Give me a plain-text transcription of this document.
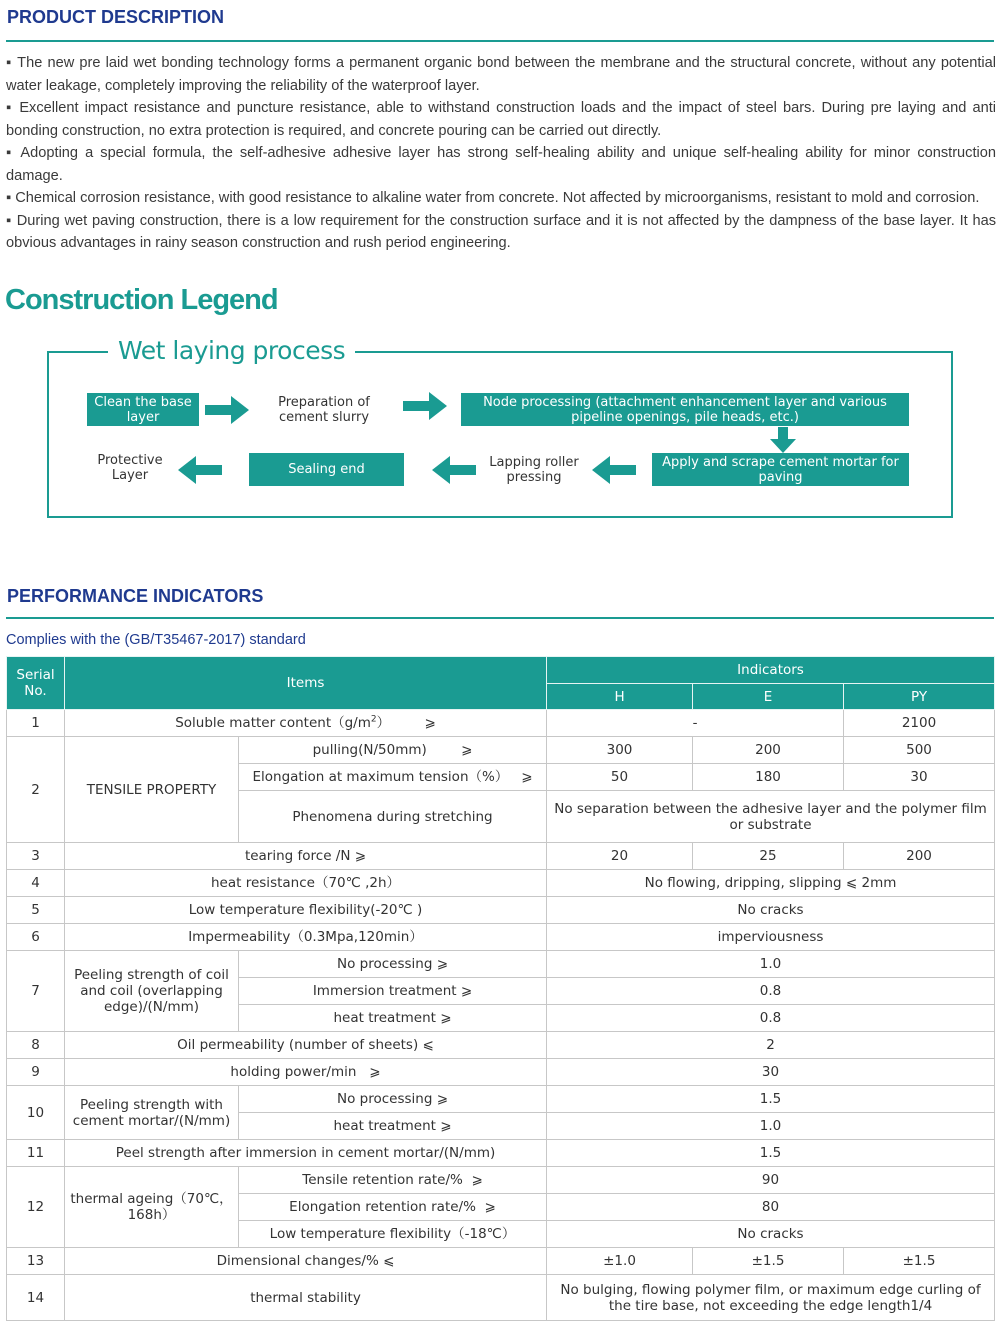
PRODUCT DESCRIPTION

▪ The new pre laid wet bonding technology forms a permanent organic bond between the membrane and the structural concrete, without any potential water leakage, completely improving the reliability of the waterproof layer.

▪ Excellent impact resistance and puncture resistance, able to withstand construction loads and the impact of steel bars. During pre laying and anti bonding construction, no extra protection is required, and concrete pouring can be carried out directly.

▪ Adopting a special formula, the self-adhesive adhesive layer has strong self-healing ability and unique self-healing ability for minor construction damage.

▪ Chemical corrosion resistance, with good resistance to alkaline water from concrete. Not affected by microorganisms, resistant to mold and corrosion.

▪ During wet paving construction, there is a low requirement for the construction surface and it is not affected by the dampness of the base layer. It has obvious advantages in rainy season construction and rush period engineering.

Construction Legend
Wet laying process
Clean the base layer
Preparation of cement slurry
Node processing (attachment enhancement layer and various pipeline openings, pile heads, etc.)
Apply and scrape cement mortar for paving
Lapping roller pressing
Sealing end
Protective Layer
PERFORMANCE INDICATORS
Complies with the (GB/T35467-2017) standard
Serial No.	Items		Indicators		
			H	E	PY
1	Soluble matter $content(g/m^2)$        ⩾		-		2100
2	TENSILE PROPERTY	pulling(N/50mm)        ⩾	300	200	500
		Elongation at maximum tension（%）   ⩾	50	180	30
		Phenomena during stretching	No separation between the adhesive layer and the polymer film or substrate		
3	tearing force /N ⩾		20	25	200
4	heat resistance（70℃ ,2h）		No flowing, dripping, slipping ⩽ 2mm		
5	Low temperature flexibility(-20℃ )		No cracks		
6	Impermeability（0.3Mpa,120min）		imperviousness		
7	Peeling strength of coil and coil (overlapping edge)/(N/mm)	No processing ⩾	1.0		
		Immersion treatment ⩾	0.8		
		heat treatment ⩾	0.8		
8	Oil permeability (number of sheets) ⩽		2		
9	holding power/min   ⩾		30		
10	Peeling strength with cement mortar/(N/mm)	No processing ⩾	1.5		
		heat treatment ⩾	1.0		
11	Peel strength after immersion in cement mortar/(N/mm)		1.5		
12	thermal ageing（70℃，168h）	Tensile retention rate/%  ⩾	90		
		Elongation retention rate/%  ⩾	80		
		Low temperature flexibility（-18℃）	No cracks		
13	Dimensional changes/% ⩽		±1.0	±1.5	±1.5
14	thermal stability		No bulging, flowing polymer film, or maximum edge curling of the tire base, not exceeding the edge length1/4		
